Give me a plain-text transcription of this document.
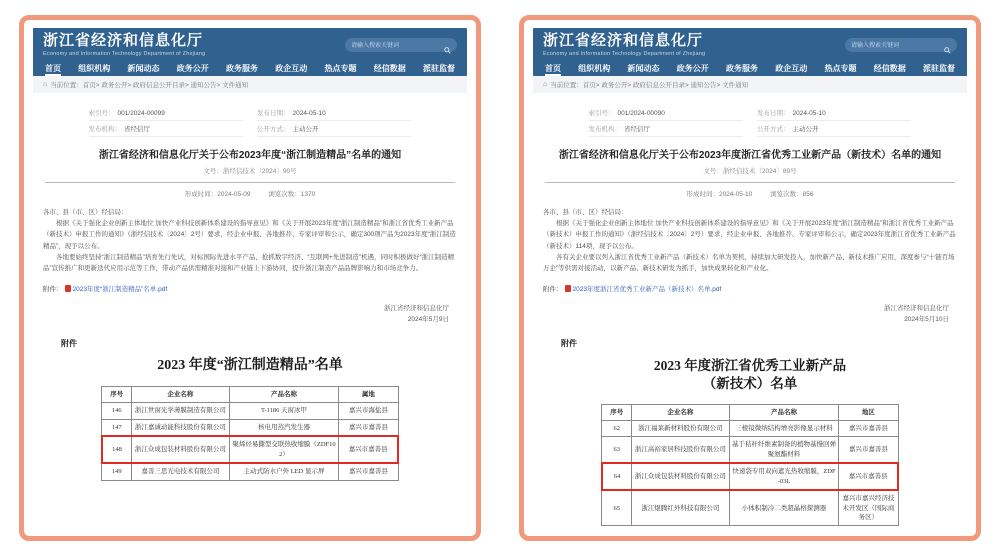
浙江省经济和信息化厅
Economy and Information Technology Department of Zhejiang
请输入搜索关键词
首页 组织机构 新闻动态 政务公开 政务服务 政企互动 热点专题 经信数据 派驻监督
⌂ 当前位置：首页> 政务公开> 政府信息公开目录> 通知公告> 文件通知
索引号： 001/2024-00099	发布日期： 2024-05-10
发布机构： 省经信厅	公开方式： 主动公开
浙江省经济和信息化厅关于公布2023年度“浙江制造精品”名单的通知
文号：浙经信技术〔2024〕90号
形成时间：2024-05-09	浏览次数：1370

各市、县（市、区）经信局：

根据《关于强化企业创新主体地位 加快产业科技创新体系建设的指导意见》和《关于开展2023年度“浙江制造精品”和浙江省优秀工业新产品（新技术）申报工作的通知》（浙经信技术〔2024〕2号）要求，经企业申报、各地推荐、专家评审和公示，确定300项产品为2023年度“浙江制造精品”，现予以公布。

各地要始终坚持“浙江制造精品”培育先行先试，对标国际先进水平产品，抢抓数字经济、“互联网+先进制造”机遇，同时积极做好“浙江制造精品”宣传推广和更新迭代应用示范等工作，带动产品供需精准对接和产业链上下游协同，提升浙江制造产品品牌影响力和市场竞争力。

附件： 2023年度“浙江制造精品”名单.pdf
浙江省经济和信息化厅
2024年5月9日
附件
2023 年度“浙江制造精品”名单
序号	企业名称	产品名称	属地
146	浙江世窗光学薄膜制造有限公司	T-1186 天窗冰甲	嘉兴市海盐县
147	浙江嘉诚动能科技股份有限公司	核电用蒸汽发生器	嘉兴市嘉善县
148	浙江众成包装材料股份有限公司	聚烯烃易撕型交联热收缩膜（ZDF102）	嘉兴市嘉善县
149	嘉善三思光电技术有限公司	主动式防水户外 LED 显示屏	嘉兴市嘉善县
浙江省经济和信息化厅
Economy and Information Technology Department of Zhejiang
请输入搜索关键词
首页 组织机构 新闻动态 政务公开 政务服务 政企互动 热点专题 经信数据 派驻监督
⌂ 当前位置：首页> 政务公开> 政府信息公开目录> 通知公告> 文件通知
索引号： 001/2024-00090	发布日期： 2024-05-10
发布机构： 省经信厅	公开方式： 主动公开
浙江省经济和信息化厅关于公布2023年度浙江省优秀工业新产品（新技术）名单的通知
文号：浙经信技术〔2024〕89号
形成时间：2024-05-10	浏览次数：856

各市、县（市、区）经信局：

根据《关于强化企业创新主体地位 加快产业科技创新体系建设的指导意见》和《关于开展2023年度“浙江制造精品”和浙江省优秀工业新产品（新技术）申报工作的通知》（浙经信技术〔2024〕2号）要求，经企业申报、各地推荐、专家评审和公示，确定2023年度浙江省优秀工业新产品（新技术）114项，现予以公布。

各有关企业要以列入浙江省优秀工业新产品（新技术）名单为契机，持续加大研发投入，加快新产品、新技术推广应用，深度参与“十链百场万企”等供需对接活动，以新产品、新技术研发为抓手，加快成果转化和产业化。

附件： 2023年度浙江省优秀工业新产品（新技术）名单.pdf
浙江省经济和信息化厅
2024年5月10日
附件
2023 年度浙江省优秀工业新产品
（新技术）名单
序号	企业名称	产品名称	地区
62	浙江福莱新材料股份有限公司	三棱镜微纳结构增亮影像显示材料	嘉兴市嘉善县
63	浙江高裕家居科技股份有限公司	基于秸秆纤维素制备的植物基慢回弹聚氨酯材料	嘉兴市嘉善县
64	浙江众成包装材料股份有限公司	快递袋专用双向遮光热收缩膜，ZDF-03L	嘉兴市嘉善县
65	浙江焜腾红外科技有限公司	小体积制冷二类超晶格探测器	嘉兴市嘉兴经济技术开发区（国际商务区）
